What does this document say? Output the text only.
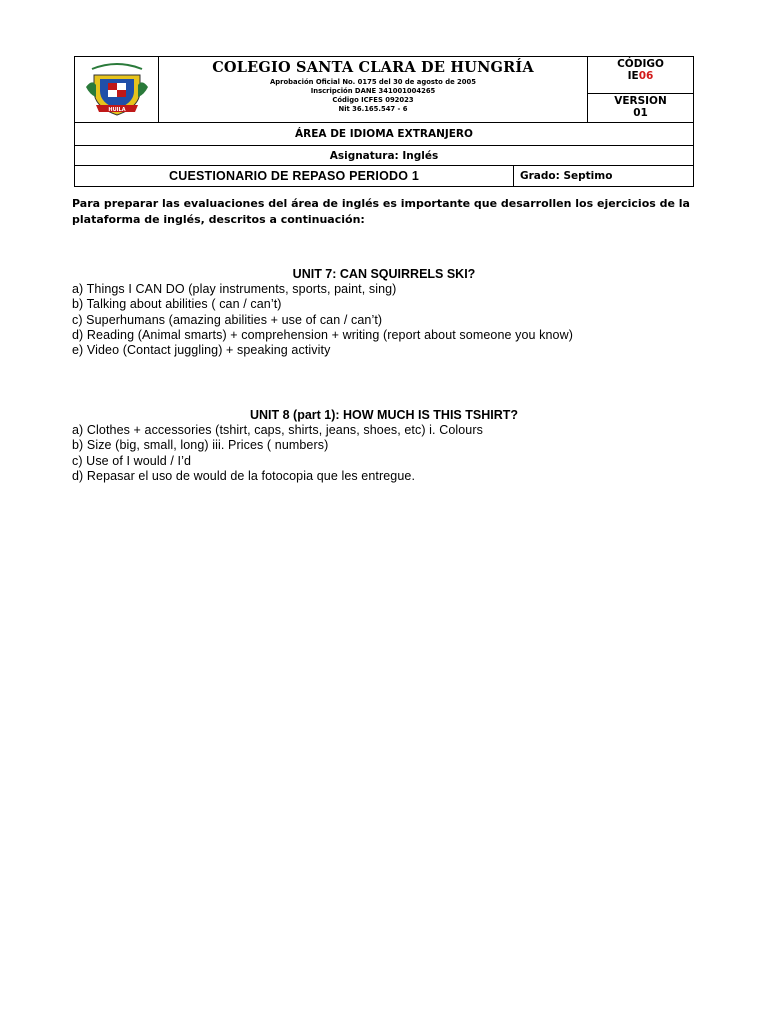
HUILA
COLEGIO SANTA CLARA DE HUNGRÍA
Aprobación Oficial No. 0175 del 30 de agosto de 2005
Inscripción DANE 341001004265
Código ICFES 092023
Nit 36.165.547 - 6
CÓDIGO
IE06
VERSION
01
ÁREA DE IDIOMA EXTRANJERO
Asignatura: Inglés
CUESTIONARIO DE REPASO PERIODO 1	Grado: Septimo
Para preparar las evaluaciones del área de inglés es importante que desarrollen los ejercicios de la plataforma de inglés, descritos a continuación:
UNIT 7: CAN SQUIRRELS SKI?
a) Things I CAN DO (play instruments, sports, paint, sing)
b) Talking about abilities ( can / can’t)
c) Superhumans (amazing abilities + use of can / can’t)
d) Reading (Animal smarts) + comprehension + writing (report about someone you know)
e) Video (Contact juggling) + speaking activity
UNIT 8 (part 1): HOW MUCH IS THIS TSHIRT?
a) Clothes + accessories (tshirt, caps, shirts, jeans, shoes, etc) i. Colours
b) Size (big, small, long) iii. Prices ( numbers)
c) Use of I would / I’d
d) Repasar el uso de would de la fotocopia que les entregue.
